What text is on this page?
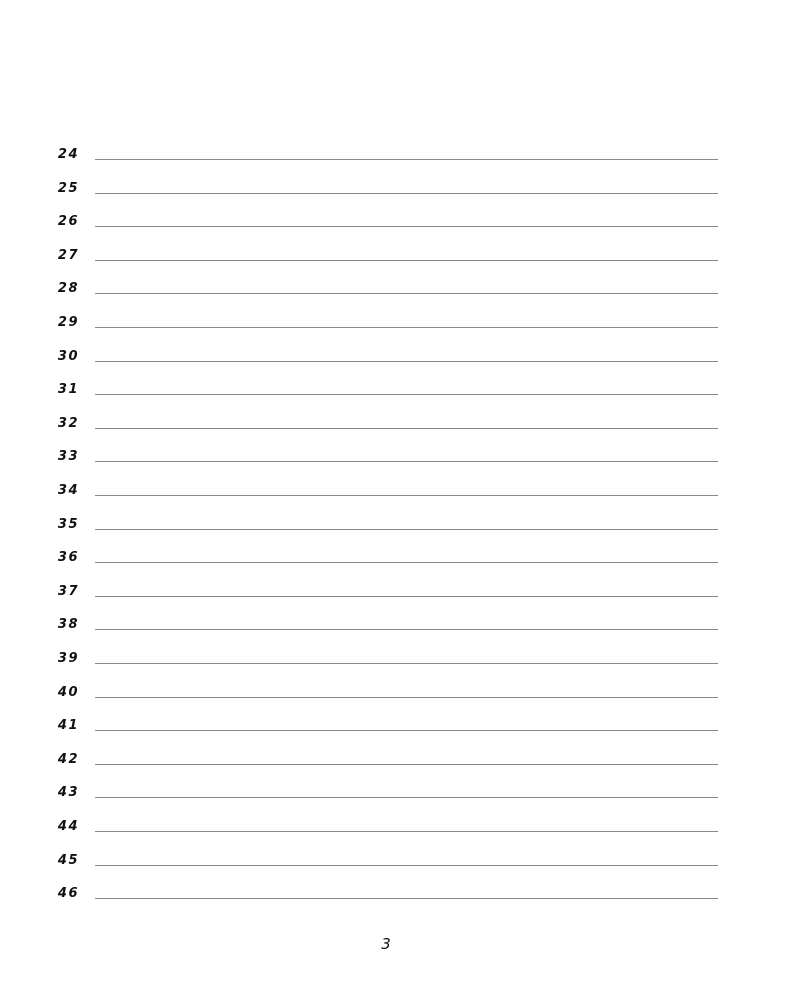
24
25
26
27
28
29
30
31
32
33
34
35
36
37
38
39
40
41
42
43
44
45
46
3
